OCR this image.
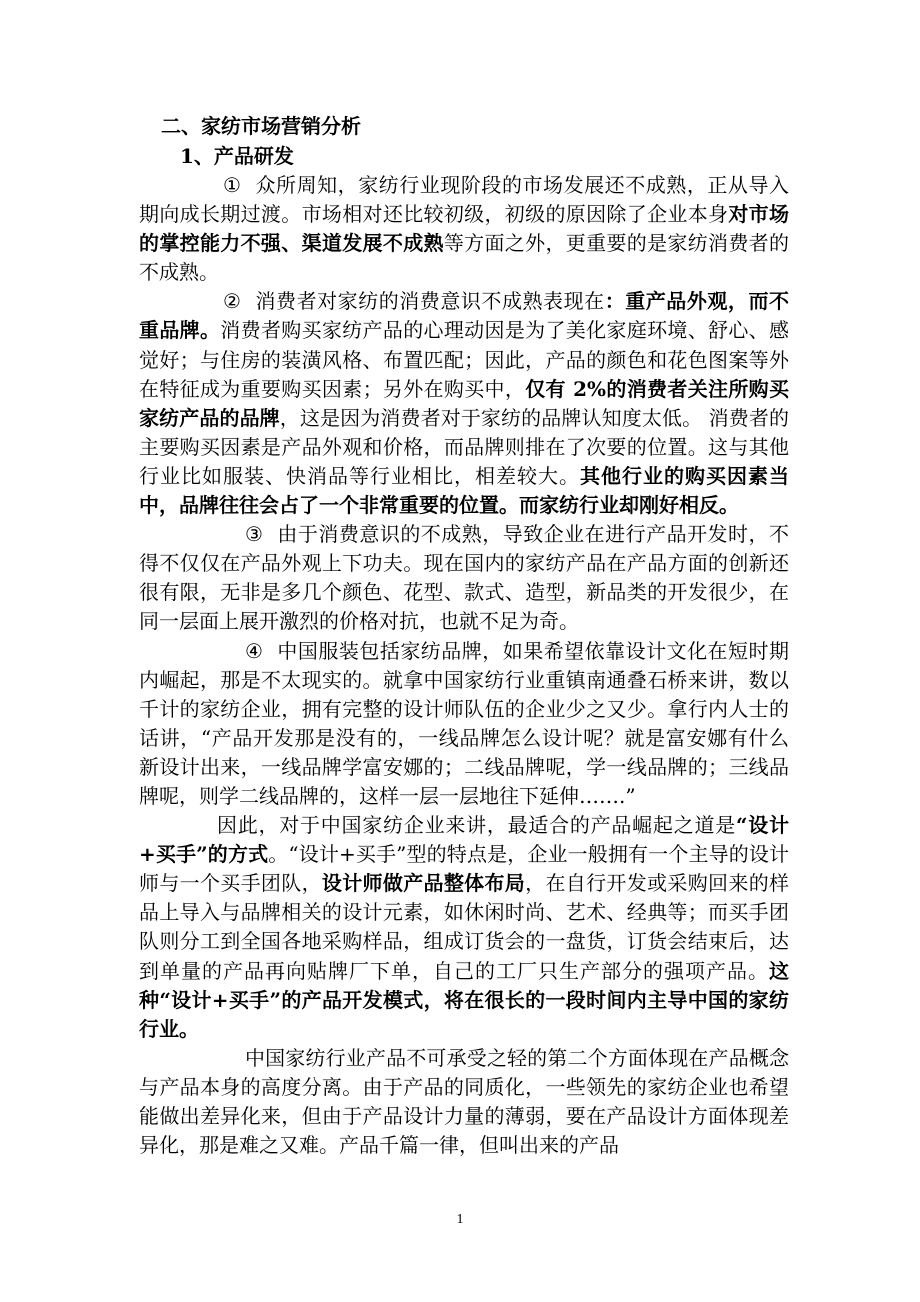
二、家纺市场营销分析

1、产品研发

① 众所周知，家纺行业现阶段的市场发展还不成熟，正从导入期向成长期过渡。市场相对还比较初级，初级的原因除了企业本身对市场的掌控能力不强、渠道发展不成熟等方面之外，更重要的是家纺消费者的不成熟。

② 消费者对家纺的消费意识不成熟表现在：重产品外观，而不重品牌。消费者购买家纺产品的心理动因是为了美化家庭环境、舒心、感觉好；与住房的装潢风格、布置匹配；因此，产品的颜色和花色图案等外在特征成为重要购买因素；另外在购买中，仅有 2%的消费者关注所购买家纺产品的品牌，这是因为消费者对于家纺的品牌认知度太低。 消费者的主要购买因素是产品外观和价格，而品牌则排在了次要的位置。这与其他行业比如服装、快消品等行业相比，相差较大。其他行业的购买因素当中，品牌往往会占了一个非常重要的位置。而家纺行业却刚好相反。

③ 由于消费意识的不成熟，导致企业在进行产品开发时，不得不仅仅在产品外观上下功夫。现在国内的家纺产品在产品方面的创新还很有限，无非是多几个颜色、花型、款式、造型，新品类的开发很少，在同一层面上展开激烈的价格对抗，也就不足为奇。

④ 中国服装包括家纺品牌，如果希望依靠设计文化在短时期内崛起，那是不太现实的。就拿中国家纺行业重镇南通叠石桥来讲，数以千计的家纺企业，拥有完整的设计师队伍的企业少之又少。拿行内人士的话讲，“产品开发那是没有的，一线品牌怎么设计呢？就是富安娜有什么新设计出来，一线品牌学富安娜的；二线品牌呢，学一线品牌的；三线品牌呢，则学二线品牌的，这样一层一层地往下延伸…….”

因此，对于中国家纺企业来讲，最适合的产品崛起之道是“设计+买手”的方式。“设计+买手”型的特点是，企业一般拥有一个主导的设计师与一个买手团队，设计师做产品整体布局，在自行开发或采购回来的样品上导入与品牌相关的设计元素，如休闲时尚、艺术、经典等；而买手团队则分工到全国各地采购样品，组成订货会的一盘货，订货会结束后，达到单量的产品再向贴牌厂下单，自己的工厂只生产部分的强项产品。这种“设计+买手”的产品开发模式，将在很长的一段时间内主导中国的家纺行业。

中国家纺行业产品不可承受之轻的第二个方面体现在产品概念与产品本身的高度分离。由于产品的同质化，一些领先的家纺企业也希望能做出差异化来，但由于产品设计力量的薄弱，要在产品设计方面体现差异化，那是难之又难。产品千篇一律，但叫出来的产品

1
